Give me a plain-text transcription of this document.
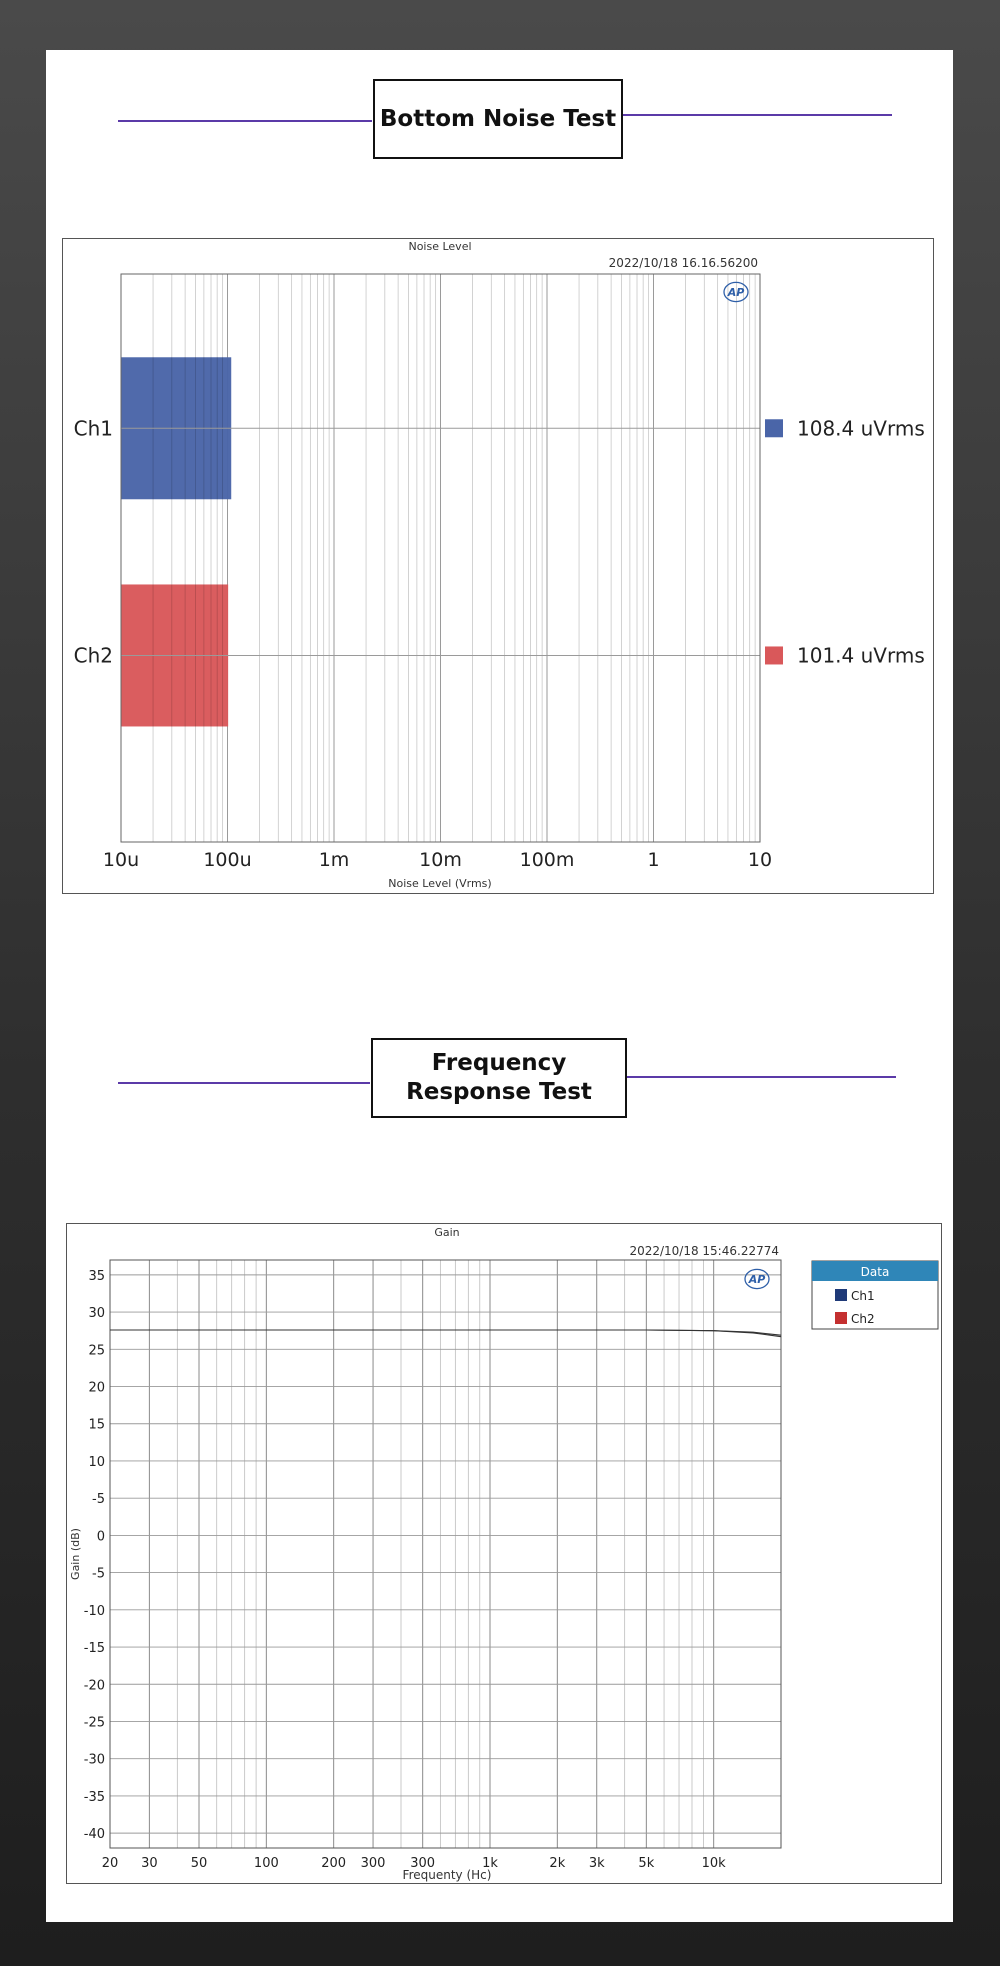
Bottom Noise Test
Noise Level
2022/10/18 16.16.56200
Ch1	108.4 uVrms
Ch2	101.4 uVrms
10u	100u	1m	10m	100m	1	10
Noise Level (Vrms)
AP
Frequency
Response Test
Gain
2022/10/18 15:46.22774
35
30
25
20
15
10
-5
0
-5
-10
-15
-20
-25
-30
-35
-40
20 30	50	100	200 300 300	1k	2k 3k	5k	10k
Frequenty (Hc)
Gain (dB)
AP
Data
Ch1
Ch2
